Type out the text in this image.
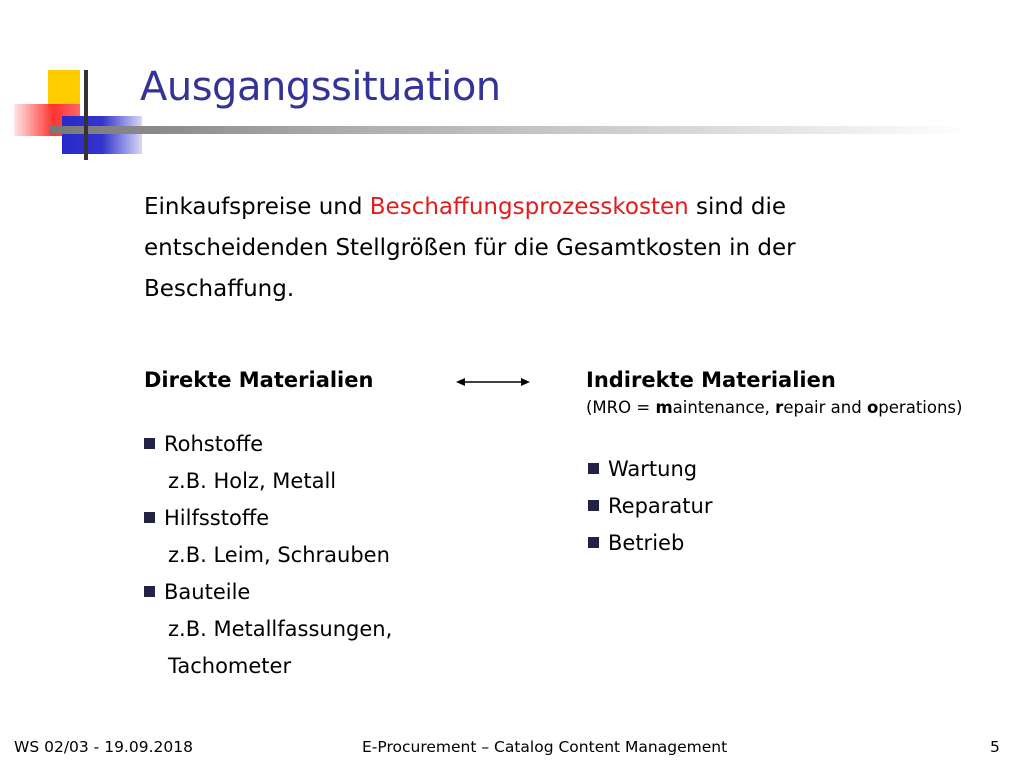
Ausgangssituation
Einkaufspreise und Beschaffungsprozesskosten sind die entscheidenden Stellgrößen für die Gesamtkosten in der Beschaffung.
Direkte Materialien	Indirekte Materialien
(MRO = maintenance, repair and operations)
Rohstoffe
z.B. Holz, Metall
Hilfsstoffe
z.B. Leim, Schrauben
Bauteile
z.B. Metallfassungen,
Tachometer
Wartung
Reparatur
Betrieb
WS 02/03 - 19.09.2018	E-Procurement – Catalog Content Management	5
